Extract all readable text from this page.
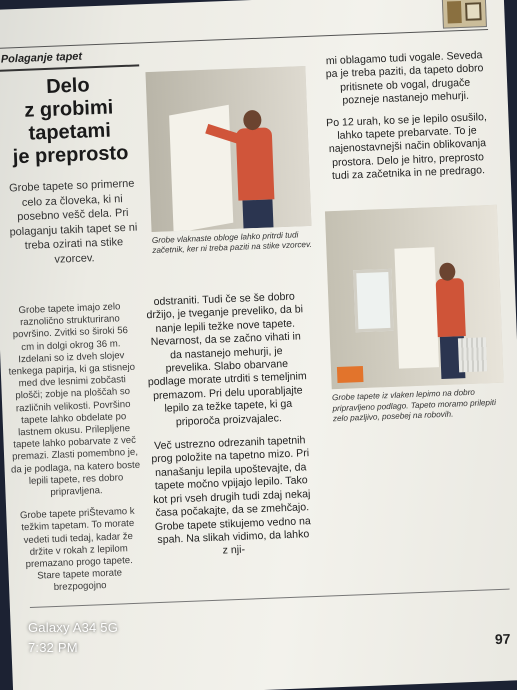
Polaganje tapet
Delo
z grobimi
tapetami
je preprosto
Grobe tapete so primerne celo za človeka, ki ni posebno vešč dela. Pri polaganju takih tapet se ni treba ozirati na stike vzorcev.
Grobe vlaknaste obloge lahko pritrdi tudi začetnik, ker ni treba paziti na stike vzorcev.

mi oblagamo tudi vogale. Seveda pa je treba paziti, da tapeto dobro pritisnete ob vogal, drugače pozneje nastanejo mehurji.

Po 12 urah, ko se je lepilo osušilo, lahko tapete prebarvate. To je najenostavnejši način oblikovanja prostora. Delo je hitro, preprosto tudi za začetnika in ne predrago.

Grobe tapete iz vlaken lepimo na dobro pripravljeno podlago. Tapeto moramo prilepiti zelo pazljivo, posebej na robovih.

Grobe tapete imajo zelo raznolično strukturirano površino. Zvitki so široki 56 cm in dolgi okrog 36 m. Izdelani so iz dveh slojev tenkega papirja, ki ga stisnejo med dve lesnimi zobčasti plošči; zobje na ploščah so različnih velikosti. Površino tapete lahko obdelate po lastnem okusu. Prilepljene tapete lahko pobarvate z več premazi. Zlasti pomembno je, da je podlaga, na katero boste lepili tapete, res dobro pripravljena.

Grobe tapete priŠtevamo k težkim tapetam. To morate vedeti tudi tedaj, kadar že držite v rokah z lepilom premazano progo tapete. Stare tapete morate brezpogojno

odstraniti. Tudi če se še dobro držijo, je tveganje preveliko, da bi nanje lepili težke nove tapete. Nevarnost, da se začno vihati in da nastanejo mehurji, je prevelika. Slabo obarvane podlage morate utrditi s temeljnim premazom. Pri delu uporabljajte lepilo za težke tapete, ki ga priporoča proizvajalec.

Več ustrezno odrezanih tapetnih prog položite na tapetno mizo. Pri nanašanju lepila upoštevajte, da tapete močno vpijajo lepilo. Tako kot pri vseh drugih tudi zdaj nekaj časa počakajte, da se zmehčajo. Grobe tapete stikujemo vedno na spah. Na slikah vidimo, da lahko z nji-

97
Galaxy A34 5G
7:32 PM
